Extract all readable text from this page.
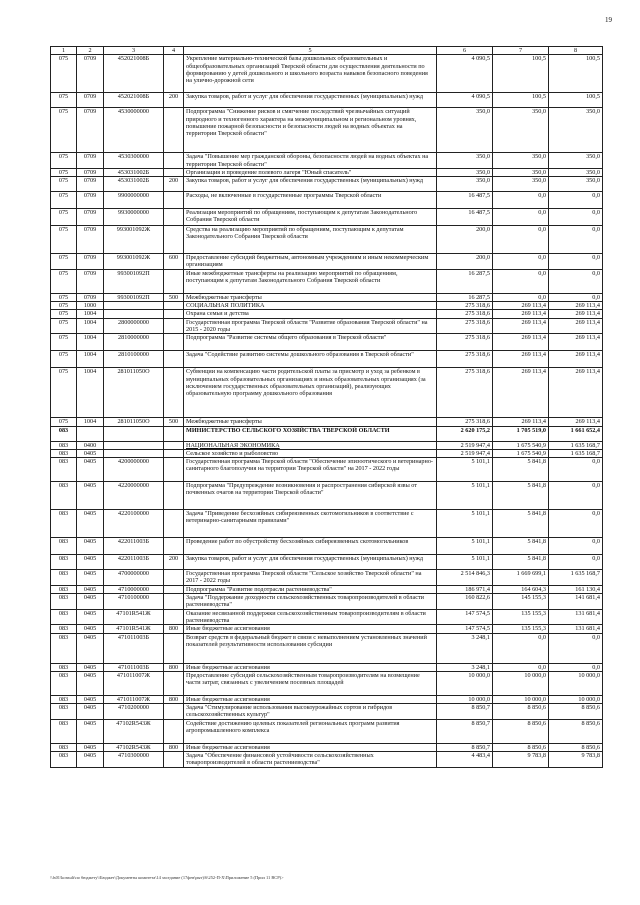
19
1	2	3	4	5	6	7	8
075	0709	452021008Б		Укрепление материально-технической базы дошкольных образовательных и общеобразовательных организаций Тверской области для осуществления деятельности по формированию у детей дошкольного и школьного возраста навыков безопасного поведения на улично-дорожной сети	4 090,5	100,5	100,5
075	0709	452021008Б	200	Закупка товаров, работ и услуг для обеспечения государственных (муниципальных) нужд	4 090,5	100,5	100,5
075	0709	4530000000		Подпрограмма "Снижение рисков и смягчение последствий чрезвычайных ситуаций природного и техногенного характера на межмуниципальном и региональном уровнях, повышение пожарной безопасности и безопасности людей на водных объектах на территории Тверской области"	350,0	350,0	350,0
075	0709	4530300000		Задача "Повышение мер гражданской обороны, безопасности людей на водных объектах на территории Тверской области"	350,0	350,0	350,0
075	0709	453031002Б		Организация и проведение полевого лагеря "Юный спасатель"	350,0	350,0	350,0
075	0709	453031002Б	200	Закупка товаров, работ и услуг для обеспечения государственных (муниципальных) нужд	350,0	350,0	350,0
075	0709	9900000000		Расходы, не включенные в государственные программы Тверской области	16 487,5	0,0	0,0
075	0709	9930000000		Реализация мероприятий по обращениям, поступающим к депутатам Законодательного Собрания Тверской области	16 487,5	0,0	0,0
075	0709	993001092Ж		Средства на реализацию мероприятий по обращениям, поступающим к депутатам Законодательного Собрания Тверской области	200,0	0,0	0,0
075	0709	993001092Ж	600	Предоставление субсидий бюджетным, автономным учреждениям и иным некоммерческим организациям	200,0	0,0	0,0
075	0709	993001092П		Иные межбюджетные трансферты на реализацию мероприятий по обращениям, поступающим к депутатам Законодательного Собрания Тверской области	16 287,5	0,0	0,0
075	0709	993001092П	500	Межбюджетные трансферты	16 287,5	0,0	0,0
075	1000			СОЦИАЛЬНАЯ ПОЛИТИКА	275 318,6	269 113,4	269 113,4
075	1004			Охрана семьи и детства	275 318,6	269 113,4	269 113,4
075	1004	2800000000		Государственная программа Тверской области "Развитие образования Тверской области" на 2015 - 2020 годы	275 318,6	269 113,4	269 113,4
075	1004	2810000000		Подпрограмма "Развитие системы общего образования в Тверской области"	275 318,6	269 113,4	269 113,4
075	1004	2810100000		Задача "Содействие развитию системы дошкольного образования в Тверской области"	275 318,6	269 113,4	269 113,4
075	1004	281011050О		Субвенции на компенсацию части родительской платы за присмотр и уход за ребенком в муниципальных образовательных организациях и иных образовательных организациях (за исключением государственных образовательных организаций), реализующих образовательную программу дошкольного образования	275 318,6	269 113,4	269 113,4
075	1004	281011050О	500	Межбюджетные трансферты	275 318,6	269 113,4	269 113,4
083				МИНИСТЕРСТВО СЕЛЬСКОГО ХОЗЯЙСТВА ТВЕРСКОЙ ОБЛАСТИ	2 620 175,2	1 705 519,0	1 661 652,4
083	0400			НАЦИОНАЛЬНАЯ ЭКОНОМИКА	2 519 947,4	1 675 540,9	1 635 168,7
083	0405			Сельское хозяйство и рыболовство	2 519 947,4	1 675 540,9	1 635 168,7
083	0405	4200000000		Государственная программа Тверской области "Обеспечение эпизоотического и ветеринарно-санитарного благополучия на территории Тверской области" на 2017 - 2022 годы	5 101,1	5 841,8	0,0
083	0405	4220000000		Подпрограмма "Предупреждение возникновения и распространения сибирской язвы от почвенных очагов на территории Тверской области"	5 101,1	5 841,8	0,0
083	0405	4220100000		Задача "Приведение бесхозяйных сибиреязвенных скотомогильников в соответствие с ветеринарно-санитарными правилами"	5 101,1	5 841,8	0,0
083	0405	422011003Б		Проведение работ по обустройству бесхозяйных сибиреязвенных скотомогильников	5 101,1	5 841,8	0,0
083	0405	422011003Б	200	Закупка товаров, работ и услуг для обеспечения государственных (муниципальных) нужд	5 101,1	5 841,8	0,0
083	0405	4700000000		Государственная программа Тверской области "Сельское хозяйство Тверской области" на 2017 - 2022 годы	2 514 846,3	1 669 699,1	1 635 168,7
083	0405	4710000000		Подпрограмма "Развитие подотрасли растениеводства"	186 971,4	164 604,3	161 130,4
083	0405	4710100000		Задача "Поддержание доходности сельскохозяйственных товаропроизводителей в области растениеводства"	160 822,6	145 155,3	141 681,4
083	0405	47101R541Ж		Оказание несвязанной поддержки сельскохозяйственным товаропроизводителям в области растениеводства	147 574,5	135 155,3	131 681,4
083	0405	47101R541Ж	800	Иные бюджетные ассигнования	147 574,5	135 155,3	131 681,4
083	0405	471011003Б		Возврат средств в федеральный бюджет в связи с невыполнением установленных значений показателей результативности использования субсидии	3 248,1	0,0	0,0
083	0405	471011003Б	800	Иные бюджетные ассигнования	3 248,1	0,0	0,0
083	0405	471011007Ж		Предоставление субсидий сельскохозяйственным товаропроизводителям на возмещение части затрат, связанных с увеличением посевных площадей	10 000,0	10 000,0	10 000,0
083	0405	471011007Ж	800	Иные бюджетные ассигнования	10 000,0	10 000,0	10 000,0
083	0405	4710200000		Задача "Стимулирование использования высокоурожайных сортов и гибридов сельскохозяйственных культур"	8 850,7	8 850,6	8 850,6
083	0405	47102R543Ж		Содействие достижению целевых показателей региональных программ развития агропромышленного комплекса	8 850,7	8 850,6	8 850,6
083	0405	47102R543Ж	800	Иные бюджетные ассигнования	8 850,7	8 850,6	8 850,6
083	0405	4710300000		Задача "Обеспечение финансовой устойчивости сельскохозяйственных товаропроизводителей в области растениеводства"	4 483,4	9 783,8	9 783,8
\\fs01\konsult\по бюджету\\Бюджет\Документы комитета\14 заседание (17фев\рыт)\6\252-П-Х\Приложение 5 (Прил 11 ВСР)>
